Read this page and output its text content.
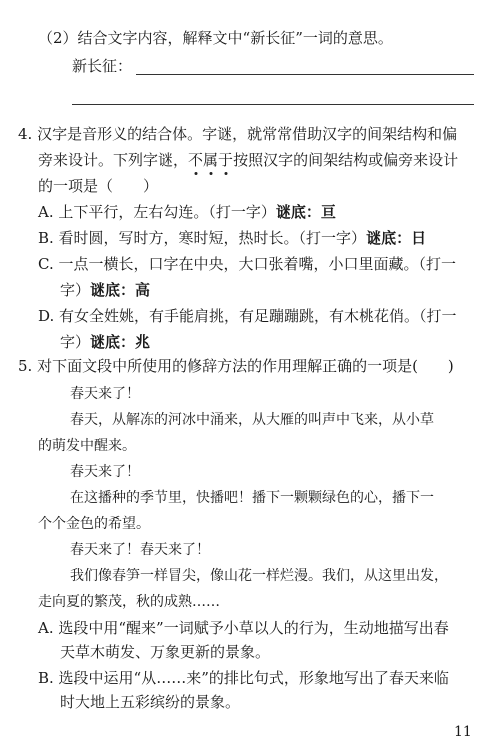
（2）结合文字内容，解释文中“新长征”一词的意思。
新长征：
4. 汉字是音形义的结合体。字谜，就常常借助汉字的间架结构和偏
旁来设计。下列字谜，不属于按照汉字的间架结构或偏旁来设计
的一项是（　　）
A. 上下平行，左右勾连。（打一字）谜底：亘
B. 看时圆，写时方，寒时短，热时长。（打一字）谜底：日
C. 一点一横长，口字在中央，大口张着嘴，小口里面藏。（打一
字）谜底：高
D. 有女全姓姚，有手能肩挑，有足蹦蹦跳，有木桃花俏。（打一
字）谜底：兆
5. 对下面文段中所使用的修辞方法的作用理解正确的一项是(　　)
春天来了！
春天，从解冻的河冰中涌来，从大雁的叫声中飞来，从小草
的萌发中醒来。
春天来了！
在这播种的季节里，快播吧！播下一颗颗绿色的心，播下一
个个金色的希望。
春天来了！春天来了！
我们像春笋一样冒尖，像山花一样烂漫。我们，从这里出发，
走向夏的繁茂，秋的成熟……
A. 选段中用“醒来”一词赋予小草以人的行为，生动地描写出春
天草木萌发、万象更新的景象。
B. 选段中运用“从……来”的排比句式，形象地写出了春天来临
时大地上五彩缤纷的景象。
11
